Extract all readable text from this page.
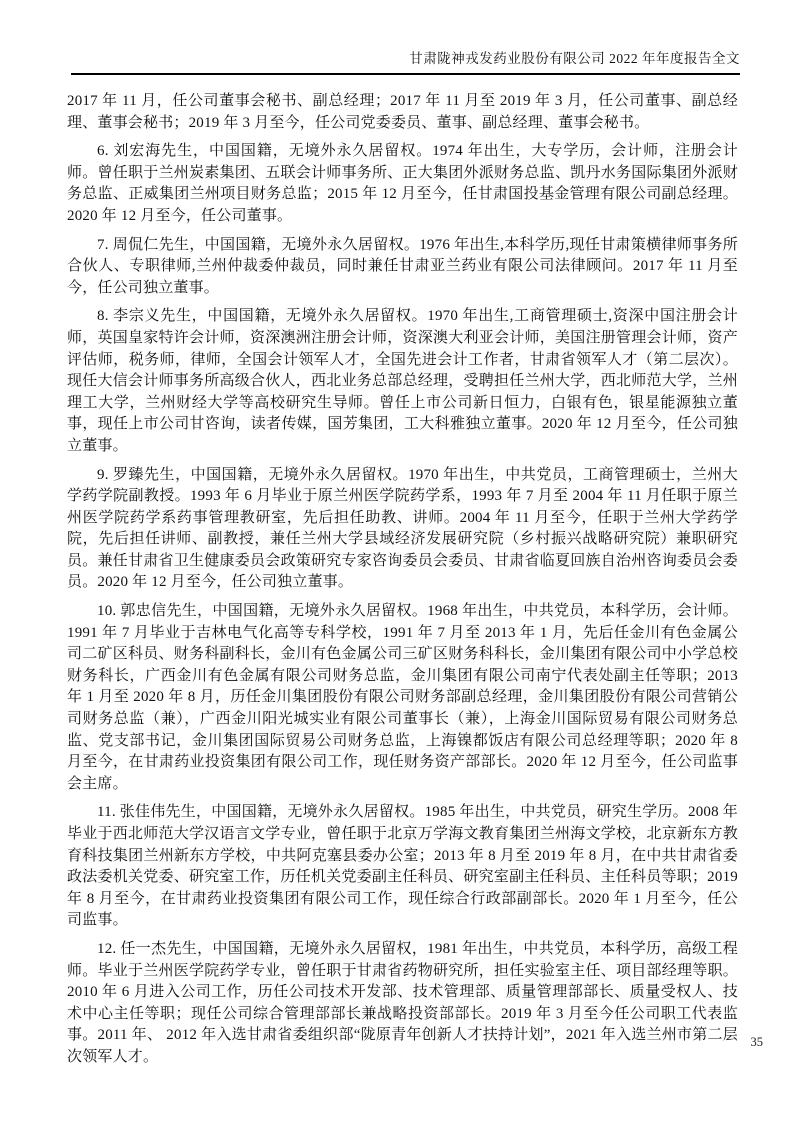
甘肃陇神戎发药业股份有限公司 2022 年年度报告全文

2017 年 11 月，任公司董事会秘书、副总经理；2017 年 11 月至 2019 年 3 月，任公司董事、副总经理、董事会秘书；2019 年 3 月至今，任公司党委委员、董事、副总经理、董事会秘书。

6. 刘宏海先生，中国国籍，无境外永久居留权。1974 年出生，大专学历，会计师，注册会计师。曾任职于兰州炭素集团、五联会计师事务所、正大集团外派财务总监、凯丹水务国际集团外派财务总监、正威集团兰州项目财务总监；2015 年 12 月至今，任甘肃国投基金管理有限公司副总经理。2020 年 12 月至今，任公司董事。

7. 周侃仁先生，中国国籍，无境外永久居留权。1976 年出生,本科学历,现任甘肃策横律师事务所合伙人、专职律师,兰州仲裁委仲裁员，同时兼任甘肃亚兰药业有限公司法律顾问。2017 年 11 月至今，任公司独立董事。

8. 李宗义先生，中国国籍，无境外永久居留权。1970 年出生,工商管理硕士,资深中国注册会计师，英国皇家特许会计师，资深澳洲注册会计师，资深澳大利亚会计师，美国注册管理会计师，资产评估师，税务师，律师，全国会计领军人才，全国先进会计工作者，甘肃省领军人才（第二层次）。现任大信会计师事务所高级合伙人，西北业务总部总经理，受聘担任兰州大学，西北师范大学，兰州理工大学，兰州财经大学等高校研究生导师。曾任上市公司新日恒力，白银有色，银星能源独立董事，现任上市公司甘咨询，读者传媒，国芳集团，工大科雅独立董事。2020 年 12 月至今，任公司独立董事。

9. 罗臻先生，中国国籍，无境外永久居留权。1970 年出生，中共党员，工商管理硕士，兰州大学药学院副教授。1993 年 6 月毕业于原兰州医学院药学系，1993 年 7 月至 2004 年 11 月任职于原兰州医学院药学系药事管理教研室，先后担任助教、讲师。2004 年 11 月至今，任职于兰州大学药学院，先后担任讲师、副教授，兼任兰州大学县域经济发展研究院（乡村振兴战略研究院）兼职研究员。兼任甘肃省卫生健康委员会政策研究专家咨询委员会委员、甘肃省临夏回族自治州咨询委员会委员。2020 年 12 月至今，任公司独立董事。

10. 郭忠信先生，中国国籍，无境外永久居留权。1968 年出生，中共党员，本科学历，会计师。1991 年 7 月毕业于吉林电气化高等专科学校，1991 年 7 月至 2013 年 1 月，先后任金川有色金属公司二矿区科员、财务科副科长，金川有色金属公司三矿区财务科科长，金川集团有限公司中小学总校财务科长，广西金川有色金属有限公司财务总监，金川集团有限公司南宁代表处副主任等职；2013 年 1 月至 2020 年 8 月，历任金川集团股份有限公司财务部副总经理，金川集团股份有限公司营销公司财务总监（兼），广西金川阳光城实业有限公司董事长（兼），上海金川国际贸易有限公司财务总监、党支部书记，金川集团国际贸易公司财务总监，上海镍都饭店有限公司总经理等职；2020 年 8 月至今，在甘肃药业投资集团有限公司工作，现任财务资产部部长。2020 年 12 月至今，任公司监事会主席。

11. 张佳伟先生，中国国籍，无境外永久居留权。1985 年出生，中共党员，研究生学历。2008 年毕业于西北师范大学汉语言文学专业，曾任职于北京万学海文教育集团兰州海文学校，北京新东方教育科技集团兰州新东方学校，中共阿克塞县委办公室；2013 年 8 月至 2019 年 8 月，在中共甘肃省委政法委机关党委、研究室工作，历任机关党委副主任科员、研究室副主任科员、主任科员等职；2019 年 8 月至今，在甘肃药业投资集团有限公司工作，现任综合行政部副部长。2020 年 1 月至今，任公司监事。

12. 任一杰先生，中国国籍，无境外永久居留权，1981 年出生，中共党员，本科学历，高级工程师。毕业于兰州医学院药学专业，曾任职于甘肃省药物研究所，担任实验室主任、项目部经理等职。2010 年 6 月进入公司工作，历任公司技术开发部、技术管理部、质量管理部部长、质量受权人、技术中心主任等职；现任公司综合管理部部长兼战略投资部部长。2019 年 3 月至今任公司职工代表监事。2011 年、 2012 年入选甘肃省委组织部“陇原青年创新人才扶持计划”，2021 年入选兰州市第二层次领军人才。

35
